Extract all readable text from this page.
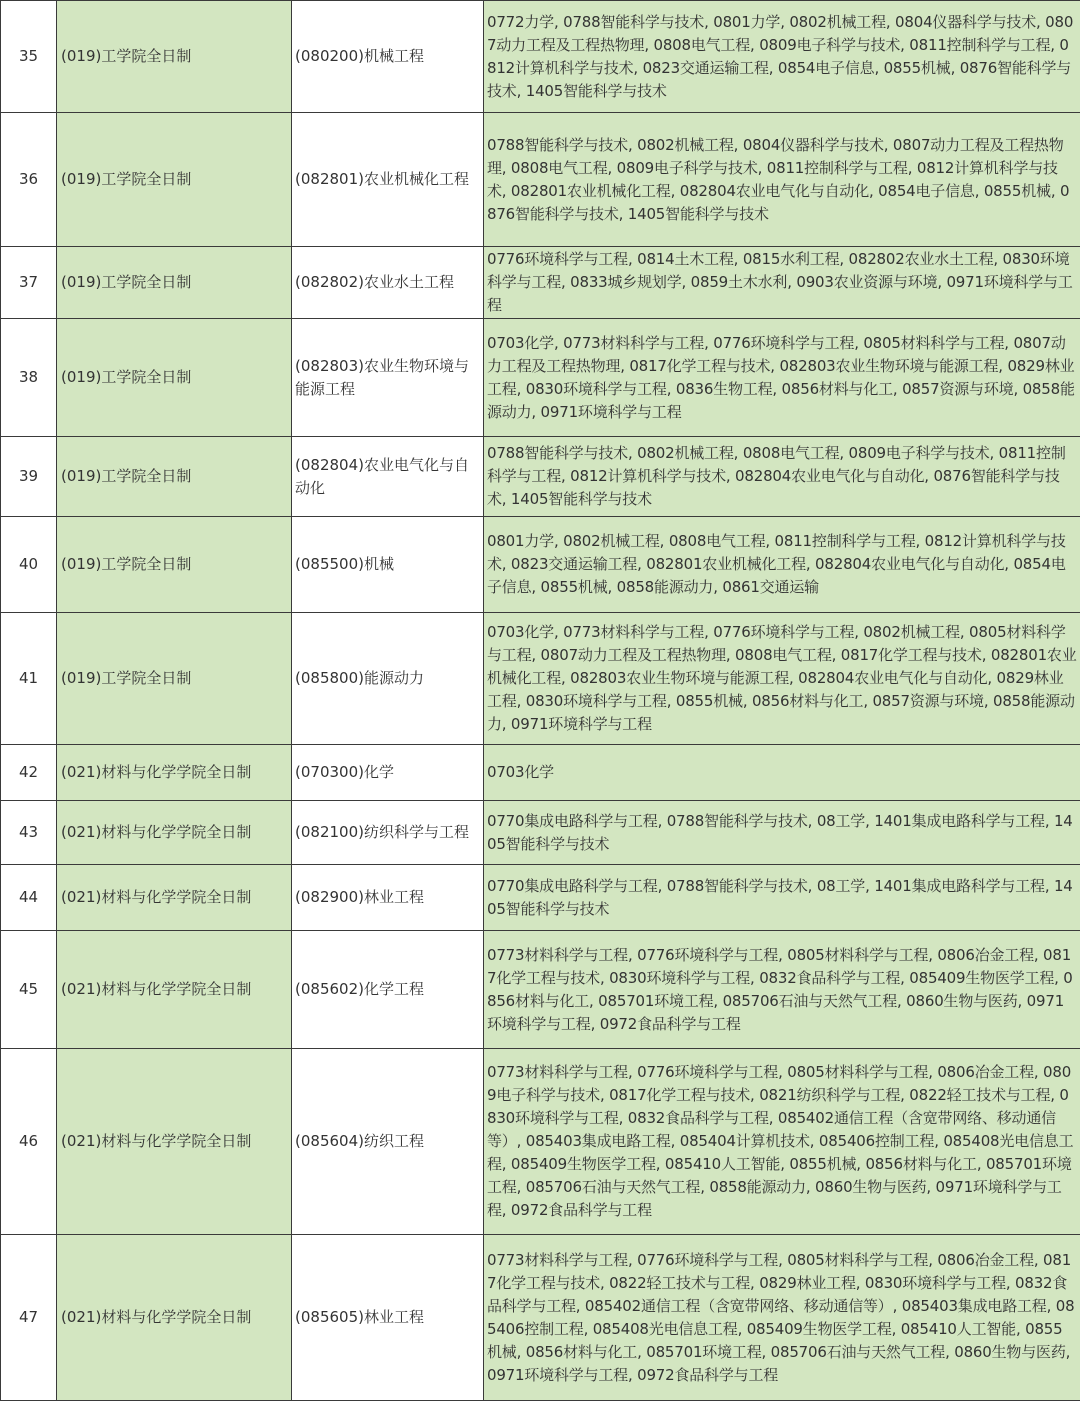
35	(019)工学院全日制	(080200)机械工程	0772力学, 0788智能科学与技术, 0801力学, 0802机械工程, 0804仪器科学与技术, 0807动力工程及工程热物理, 0808电气工程, 0809电子科学与技术, 0811控制科学与工程, 0812计算机科学与技术, 0823交通运输工程, 0854电子信息, 0855机械, 0876智能科学与技术, 1405智能科学与技术

36	(019)工学院全日制	(082801)农业机械化工程	0788智能科学与技术, 0802机械工程, 0804仪器科学与技术, 0807动力工程及工程热物理, 0808电气工程, 0809电子科学与技术, 0811控制科学与工程, 0812计算机科学与技术, 082801农业机械化工程, 082804农业电气化与自动化, 0854电子信息, 0855机械, 0876智能科学与技术, 1405智能科学与技术

37	(019)工学院全日制	(082802)农业水土工程	0776环境科学与工程, 0814土木工程, 0815水利工程, 082802农业水土工程, 0830环境科学与工程, 0833城乡规划学, 0859土木水利, 0903农业资源与环境, 0971环境科学与工程

38	(019)工学院全日制	(082803)农业生物环境与能源工程	0703化学, 0773材料科学与工程, 0776环境科学与工程, 0805材料科学与工程, 0807动力工程及工程热物理, 0817化学工程与技术, 082803农业生物环境与能源工程, 0829林业工程, 0830环境科学与工程, 0836生物工程, 0856材料与化工, 0857资源与环境, 0858能源动力, 0971环境科学与工程

39	(019)工学院全日制	(082804)农业电气化与自动化	0788智能科学与技术, 0802机械工程, 0808电气工程, 0809电子科学与技术, 0811控制科学与工程, 0812计算机科学与技术, 082804农业电气化与自动化, 0876智能科学与技术, 1405智能科学与技术

40	(019)工学院全日制	(085500)机械	0801力学, 0802机械工程, 0808电气工程, 0811控制科学与工程, 0812计算机科学与技术, 0823交通运输工程, 082801农业机械化工程, 082804农业电气化与自动化, 0854电子信息, 0855机械, 0858能源动力, 0861交通运输

41	(019)工学院全日制	(085800)能源动力	0703化学, 0773材料科学与工程, 0776环境科学与工程, 0802机械工程, 0805材料科学与工程, 0807动力工程及工程热物理, 0808电气工程, 0817化学工程与技术, 082801农业机械化工程, 082803农业生物环境与能源工程, 082804农业电气化与自动化, 0829林业工程, 0830环境科学与工程, 0855机械, 0856材料与化工, 0857资源与环境, 0858能源动力, 0971环境科学与工程

42	(021)材料与化学学院全日制	(070300)化学	0703化学

43	(021)材料与化学学院全日制	(082100)纺织科学与工程	0770集成电路科学与工程, 0788智能科学与技术, 08工学, 1401集成电路科学与工程, 1405智能科学与技术

44	(021)材料与化学学院全日制	(082900)林业工程	0770集成电路科学与工程, 0788智能科学与技术, 08工学, 1401集成电路科学与工程, 1405智能科学与技术

45	(021)材料与化学学院全日制	(085602)化学工程	0773材料科学与工程, 0776环境科学与工程, 0805材料科学与工程, 0806冶金工程, 0817化学工程与技术, 0830环境科学与工程, 0832食品科学与工程, 085409生物医学工程, 0856材料与化工, 085701环境工程, 085706石油与天然气工程, 0860生物与医药, 0971环境科学与工程, 0972食品科学与工程

46	(021)材料与化学学院全日制	(085604)纺织工程	0773材料科学与工程, 0776环境科学与工程, 0805材料科学与工程, 0806冶金工程, 0809电子科学与技术, 0817化学工程与技术, 0821纺织科学与工程, 0822轻工技术与工程, 0830环境科学与工程, 0832食品科学与工程, 085402通信工程（含宽带网络、移动通信等）, 085403集成电路工程, 085404计算机技术, 085406控制工程, 085408光电信息工程, 085409生物医学工程, 085410人工智能, 0855机械, 0856材料与化工, 085701环境工程, 085706石油与天然气工程, 0858能源动力, 0860生物与医药, 0971环境科学与工程, 0972食品科学与工程

47	(021)材料与化学学院全日制	(085605)林业工程	0773材料科学与工程, 0776环境科学与工程, 0805材料科学与工程, 0806冶金工程, 0817化学工程与技术, 0822轻工技术与工程, 0829林业工程, 0830环境科学与工程, 0832食品科学与工程, 085402通信工程（含宽带网络、移动通信等）, 085403集成电路工程, 085406控制工程, 085408光电信息工程, 085409生物医学工程, 085410人工智能, 0855机械, 0856材料与化工, 085701环境工程, 085706石油与天然气工程, 0860生物与医药, 0971环境科学与工程, 0972食品科学与工程
